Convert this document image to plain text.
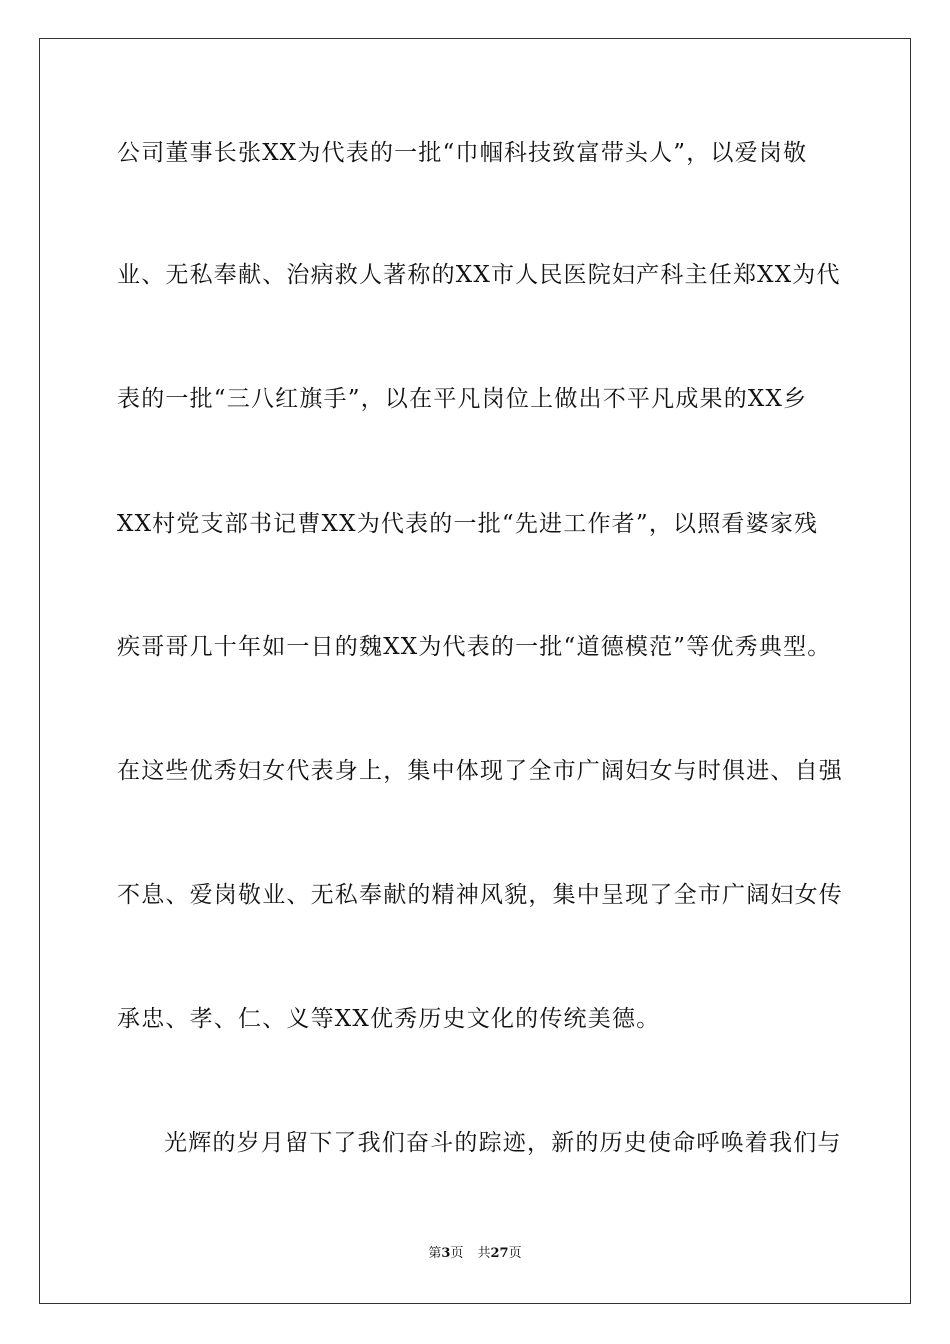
公司董事长张XX为代表的一批“巾帼科技致富带头人”，以爱岗敬
业、无私奉献、治病救人著称的XX市人民医院妇产科主任郑XX为代
表的一批“三八红旗手”，以在平凡岗位上做出不平凡成果的XX乡
XX村党支部书记曹XX为代表的一批“先进工作者”，以照看婆家残
疾哥哥几十年如一日的魏XX为代表的一批“道德模范”等优秀典型。
在这些优秀妇女代表身上，集中体现了全市广阔妇女与时俱进、自强
不息、爱岗敬业、无私奉献的精神风貌，集中呈现了全市广阔妇女传
承忠、孝、仁、义等XX优秀历史文化的传统美德。
光辉的岁月留下了我们奋斗的踪迹，新的历史使命呼唤着我们与
第3页 共27页
